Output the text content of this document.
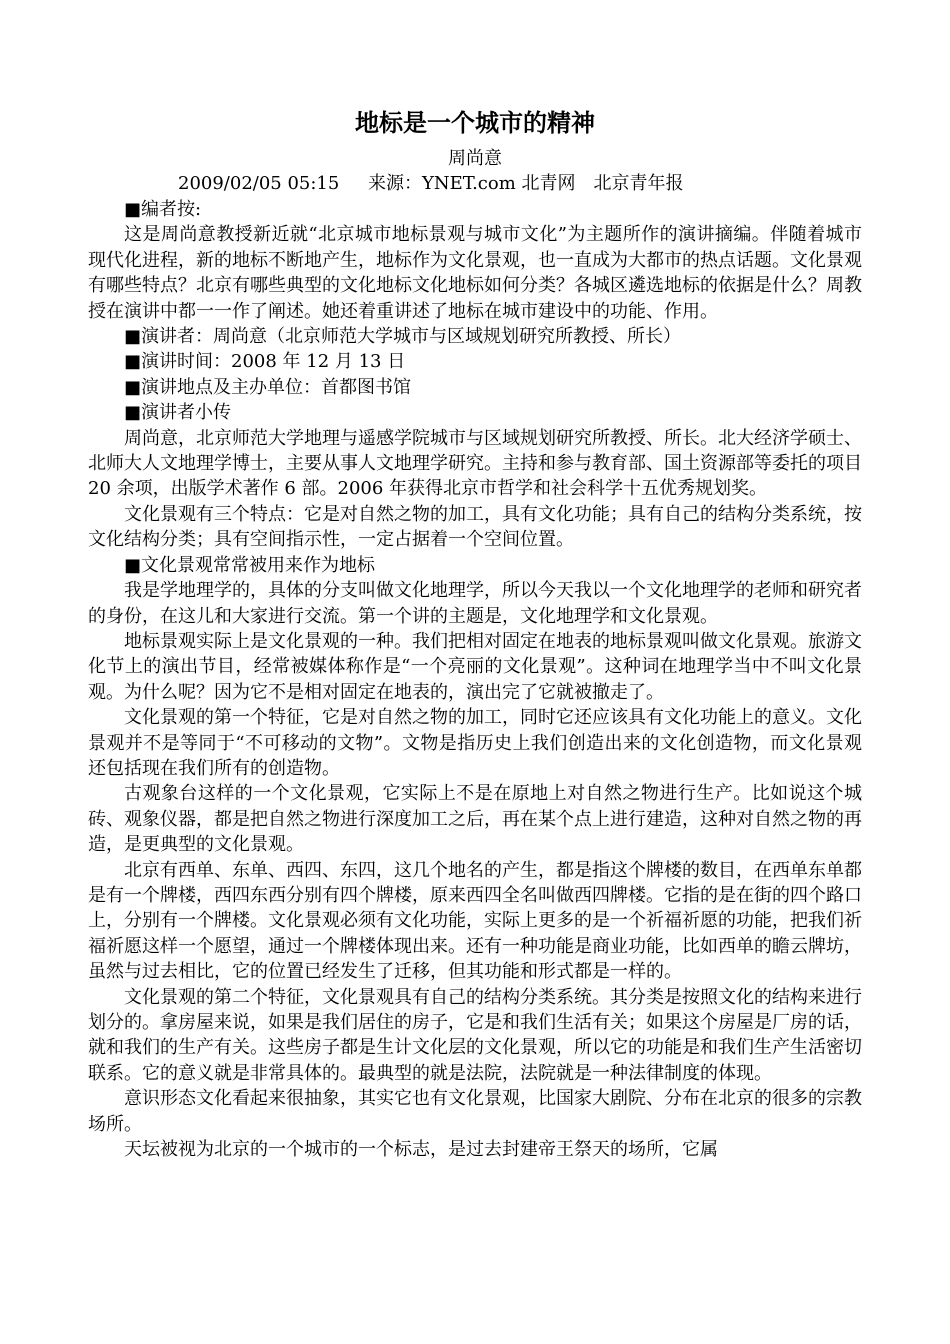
地标是一个城市的精神
周尚意
2009/02/05 05:15 来源：YNET.com 北青网　北京青年报

■编者按:

这是周尚意教授新近就“北京城市地标景观与城市文化”为主题所作的演讲摘编。伴随着城市现代化进程，新的地标不断地产生，地标作为文化景观，也一直成为大都市的热点话题。文化景观有哪些特点？北京有哪些典型的文化地标文化地标如何分类？各城区遴选地标的依据是什么？周教授在演讲中都一一作了阐述。她还着重讲述了地标在城市建设中的功能、作用。

■演讲者：周尚意（北京师范大学城市与区域规划研究所教授、所长）

■演讲时间：2008 年 12 月 13 日

■演讲地点及主办单位：首都图书馆

■演讲者小传

周尚意，北京师范大学地理与遥感学院城市与区域规划研究所教授、所长。北大经济学硕士、北师大人文地理学博士，主要从事人文地理学研究。主持和参与教育部、国土资源部等委托的项目 20 余项，出版学术著作 6 部。2006 年获得北京市哲学和社会科学十五优秀规划奖。

文化景观有三个特点：它是对自然之物的加工，具有文化功能；具有自己的结构分类系统，按文化结构分类；具有空间指示性，一定占据着一个空间位置。

■文化景观常常被用来作为地标

我是学地理学的，具体的分支叫做文化地理学，所以今天我以一个文化地理学的老师和研究者的身份，在这儿和大家进行交流。第一个讲的主题是，文化地理学和文化景观。

地标景观实际上是文化景观的一种。我们把相对固定在地表的地标景观叫做文化景观。旅游文化节上的演出节目，经常被媒体称作是“一个亮丽的文化景观”。这种词在地理学当中不叫文化景观。为什么呢？因为它不是相对固定在地表的，演出完了它就被撤走了。

文化景观的第一个特征，它是对自然之物的加工，同时它还应该具有文化功能上的意义。文化景观并不是等同于“不可移动的文物”。文物是指历史上我们创造出来的文化创造物，而文化景观还包括现在我们所有的创造物。

古观象台这样的一个文化景观，它实际上不是在原地上对自然之物进行生产。比如说这个城砖、观象仪器，都是把自然之物进行深度加工之后，再在某个点上进行建造，这种对自然之物的再造，是更典型的文化景观。

北京有西单、东单、西四、东四，这几个地名的产生，都是指这个牌楼的数目，在西单东单都是有一个牌楼，西四东西分别有四个牌楼，原来西四全名叫做西四牌楼。它指的是在街的四个路口上，分别有一个牌楼。文化景观必须有文化功能，实际上更多的是一个祈福祈愿的功能，把我们祈福祈愿这样一个愿望，通过一个牌楼体现出来。还有一种功能是商业功能，比如西单的瞻云牌坊，虽然与过去相比，它的位置已经发生了迁移，但其功能和形式都是一样的。

文化景观的第二个特征，文化景观具有自己的结构分类系统。其分类是按照文化的结构来进行划分的。拿房屋来说，如果是我们居住的房子，它是和我们生活有关；如果这个房屋是厂房的话，就和我们的生产有关。这些房子都是生计文化层的文化景观，所以它的功能是和我们生产生活密切联系。它的意义就是非常具体的。最典型的就是法院，法院就是一种法律制度的体现。

意识形态文化看起来很抽象，其实它也有文化景观，比国家大剧院、分布在北京的很多的宗教场所。

天坛被视为北京的一个城市的一个标志，是过去封建帝王祭天的场所，它属
